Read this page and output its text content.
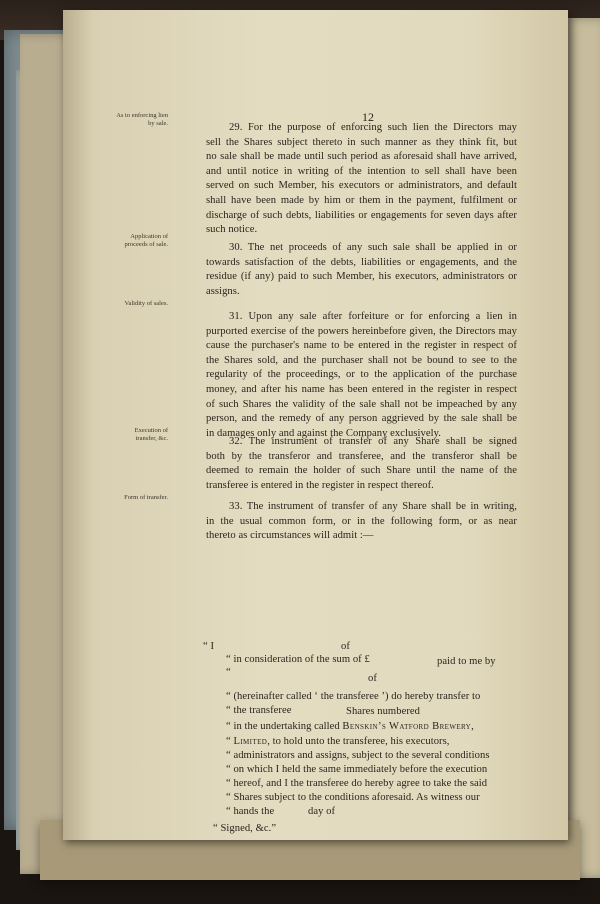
12
As to enforcing lien
by sale.	29. For the purpose of enforcing such lien the Directors may
sell the Shares subject thereto in such manner as they think fit, but
no sale shall be made until such period as aforesaid shall have arrived,
and until notice in writing of the intention to sell shall have been
served on such Member, his executors or administrators, and default
shall have been made by him or them in the payment, fulfilment or
discharge of such debts, liabilities or engagements for seven days after
such notice.
Application of
proceeds of sale.	30. The net proceeds of any such sale shall be applied in or
towards satisfaction of the debts, liabilities or engagements, and the
residue (if any) paid to such Member, his executors, administrators or
assigns.
Validity of sales.
31. Upon any sale after forfeiture or for enforcing a lien in
purported exercise of the powers hereinbefore given, the Directors may
cause the purchaser's name to be entered in the register in respect of
the Shares sold, and the purchaser shall not be bound to see to the
regularity of the proceedings, or to the application of the purchase
money, and after his name has been entered in the register in respect
of such Shares the validity of the sale shall not be impeached by any
person, and the remedy of any person aggrieved by the sale shall be
in damages only and against the Company exclusively.
Execution of
transfer, &c.	32. The instrument of transfer of any Share shall be signed
both by the transferor and transferee, and the transferor shall be
deemed to remain the holder of such Share until the name of the
transferee is entered in the register in respect thereof.
Form of transfer.
33. The instrument of transfer of any Share shall be in writing,
in the usual common form, or in the following form, or as near
thereto as circumstances will admit :—
“ I	of
“ in consideration of the sum of £	paid to me by
“
of
“ (hereinafter called ‘ the transferee ’) do hereby transfer to
“ the transferee	Shares numbered
“ in the undertaking called Benskin’s Watford Brewery,
“ Limited, to hold unto the transferee, his executors,
“ administrators and assigns, subject to the several conditions
“ on which I held the same immediately before the execution
“ hereof, and I the transferee do hereby agree to take the said
“ Shares subject to the conditions aforesaid. As witness our
“ hands the	day of
“ Signed, &c.”
